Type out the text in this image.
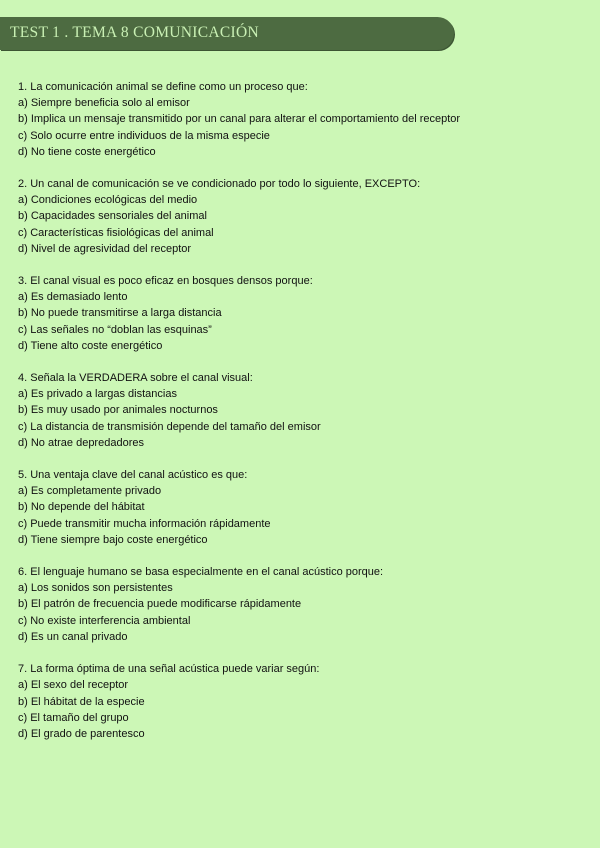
TEST 1 . TEMA 8 COMUNICACIÓN
1. La comunicación animal se define como un proceso que:
a) Siempre beneficia solo al emisor
b) Implica un mensaje transmitido por un canal para alterar el comportamiento del receptor
c) Solo ocurre entre individuos de la misma especie
d) No tiene coste energético
2. Un canal de comunicación se ve condicionado por todo lo siguiente, EXCEPTO:
a) Condiciones ecológicas del medio
b) Capacidades sensoriales del animal
c) Características fisiológicas del animal
d) Nivel de agresividad del receptor
3. El canal visual es poco eficaz en bosques densos porque:
a) Es demasiado lento
b) No puede transmitirse a larga distancia
c) Las señales no “doblan las esquinas”
d) Tiene alto coste energético
4. Señala la VERDADERA sobre el canal visual:
a) Es privado a largas distancias
b) Es muy usado por animales nocturnos
c) La distancia de transmisión depende del tamaño del emisor
d) No atrae depredadores
5. Una ventaja clave del canal acústico es que:
a) Es completamente privado
b) No depende del hábitat
c) Puede transmitir mucha información rápidamente
d) Tiene siempre bajo coste energético
6. El lenguaje humano se basa especialmente en el canal acústico porque:
a) Los sonidos son persistentes
b) El patrón de frecuencia puede modificarse rápidamente
c) No existe interferencia ambiental
d) Es un canal privado
7. La forma óptima de una señal acústica puede variar según:
a) El sexo del receptor
b) El hábitat de la especie
c) El tamaño del grupo
d) El grado de parentesco
